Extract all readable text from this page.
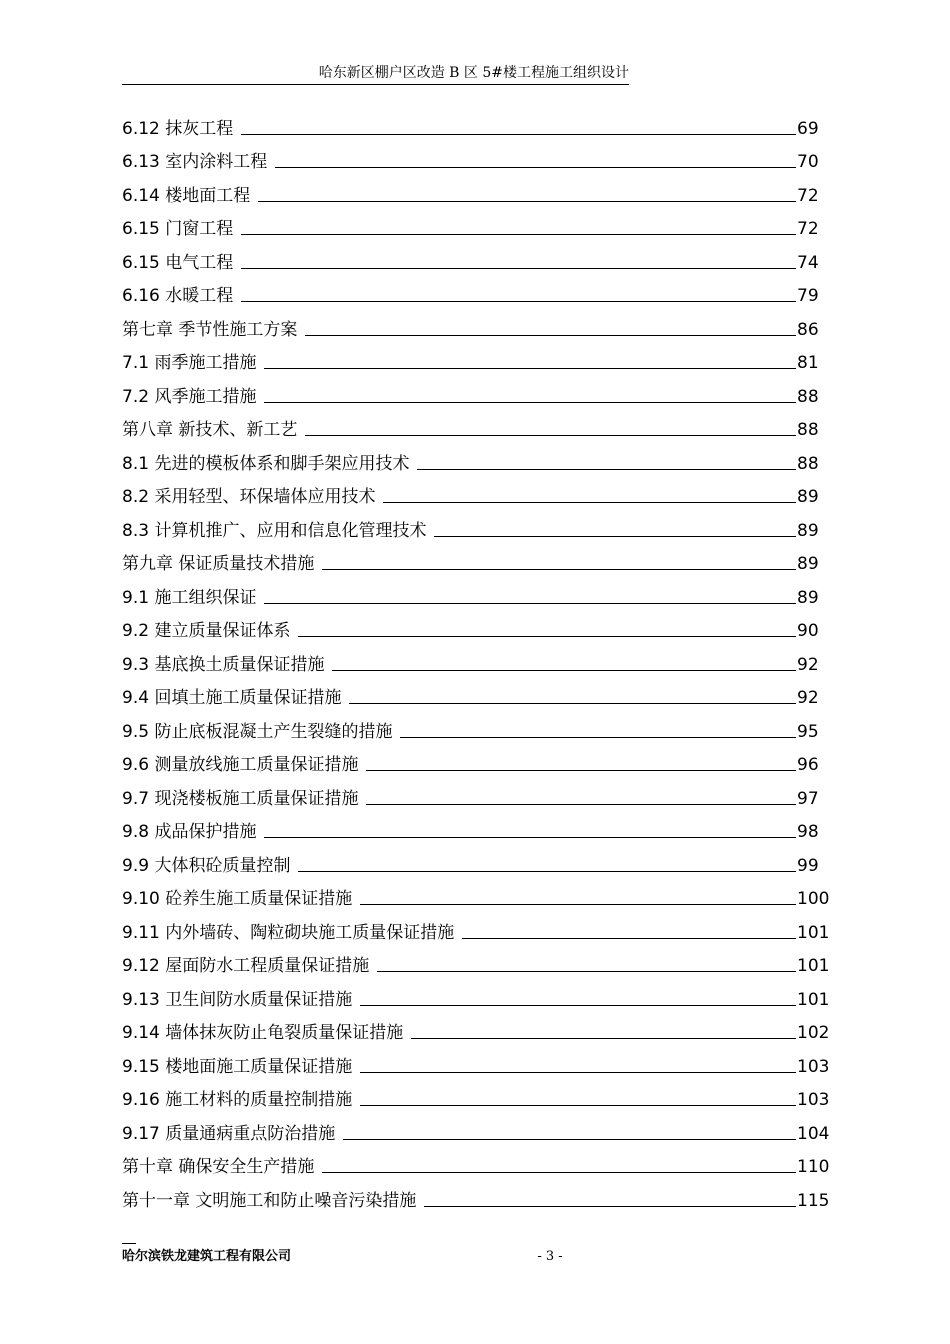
哈东新区棚户区改造 B 区 5#楼工程施工组织设计
6.12 抹灰工程	69
6.13 室内涂料工程	70
6.14 楼地面工程	72
6.15 门窗工程	72
6.15 电气工程	74
6.16 水暖工程	79
第七章 季节性施工方案	86
7.1 雨季施工措施	81
7.2 风季施工措施	88
第八章 新技术、新工艺	88
8.1 先进的模板体系和脚手架应用技术	88
8.2 采用轻型、环保墙体应用技术	89
8.3 计算机推广、应用和信息化管理技术	89
第九章 保证质量技术措施	89
9.1 施工组织保证	89
9.2 建立质量保证体系	90
9.3 基底换土质量保证措施	92
9.4 回填土施工质量保证措施	92
9.5 防止底板混凝土产生裂缝的措施	95
9.6 测量放线施工质量保证措施	96
9.7 现浇楼板施工质量保证措施	97
9.8 成品保护措施	98
9.9 大体积砼质量控制	99
9.10 砼养生施工质量保证措施	100
9.11 内外墙砖、陶粒砌块施工质量保证措施	101
9.12 屋面防水工程质量保证措施	101
9.13 卫生间防水质量保证措施	101
9.14 墙体抹灰防止龟裂质量保证措施	102
9.15 楼地面施工质量保证措施	103
9.16 施工材料的质量控制措施	103
9.17 质量通病重点防治措施	104
第十章 确保安全生产措施	110
第十一章 文明施工和防止噪音污染措施	115
哈尔滨铁龙建筑工程有限公司	- 3 -
